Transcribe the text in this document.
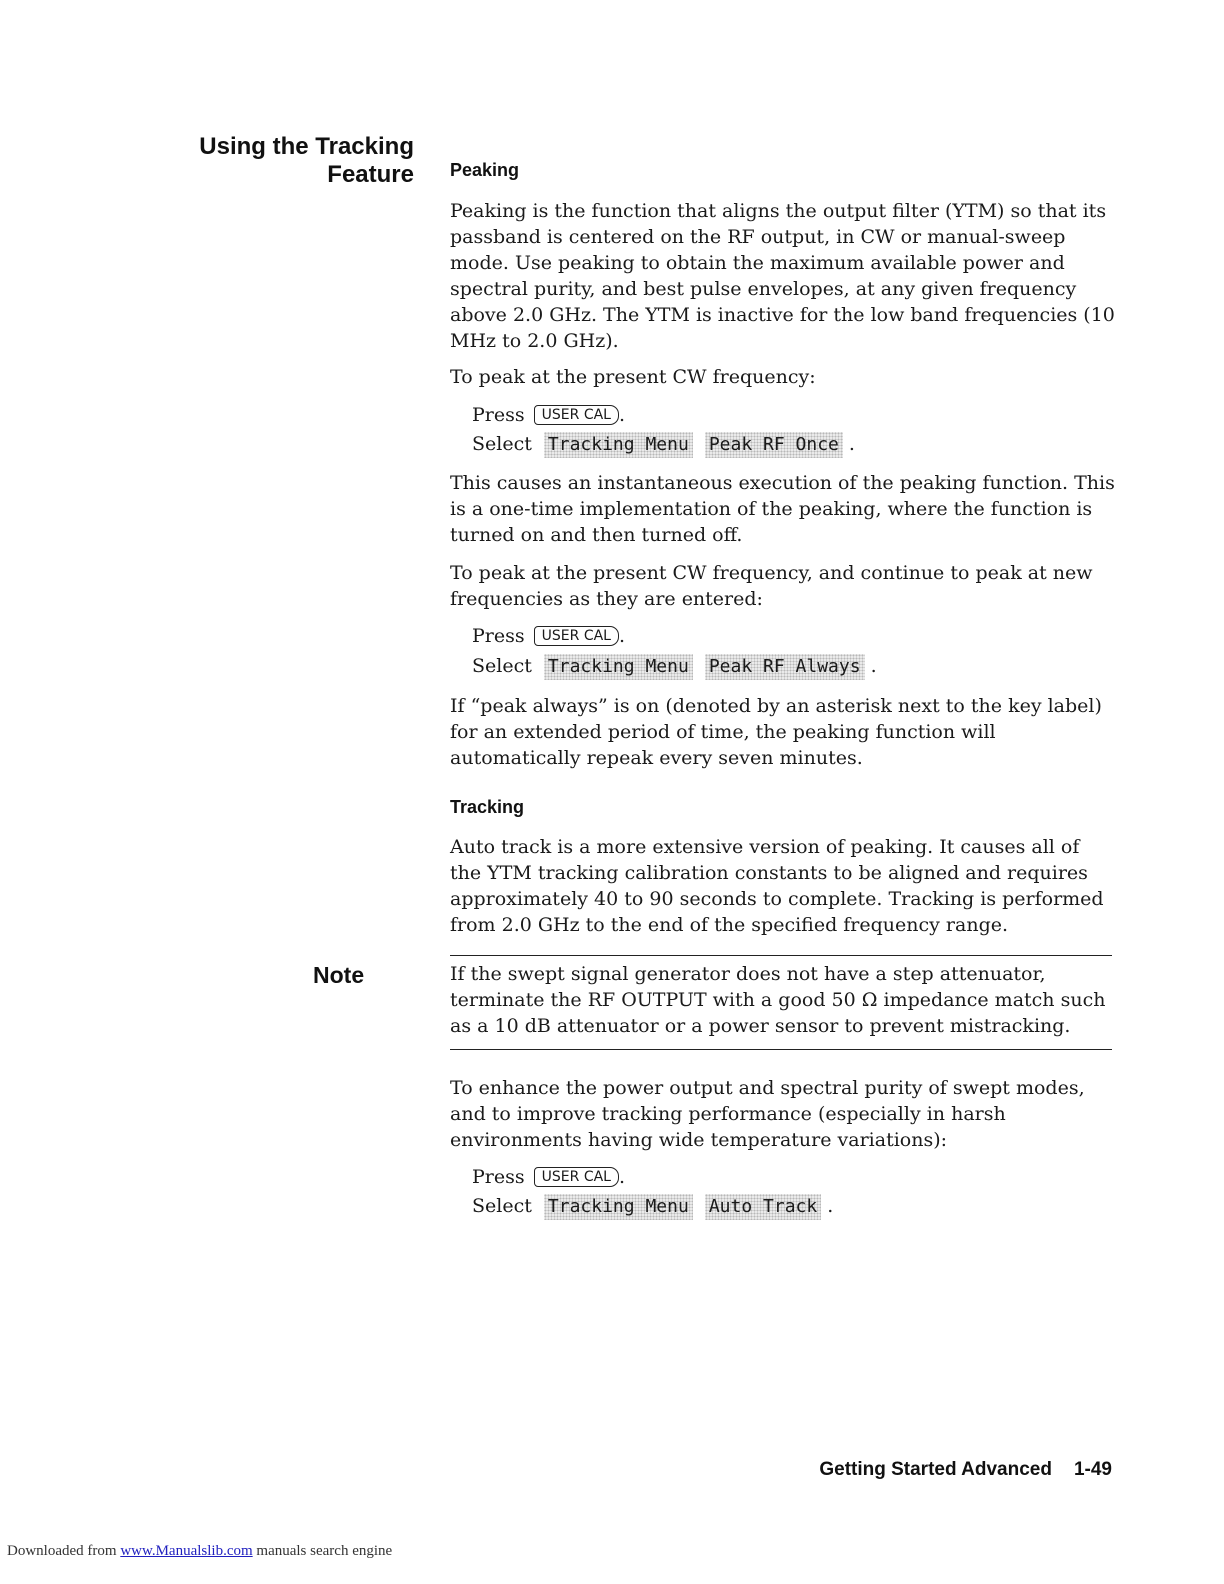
Using the Tracking
Feature Peaking
Peaking is the function that aligns the output filter (YTM) so that its passband is centered on the RF output, in CW or manual-sweep mode. Use peaking to obtain the maximum available power and spectral purity, and best pulse envelopes, at any given frequency above 2.0 GHz. The YTM is inactive for the low band frequencies (10 MHz to 2.0 GHz).
To peak at the present CW frequency:
Press USER CAL .
Select Tracking Menu Peak RF Once .
This causes an instantaneous execution of the peaking function. This is a one-time implementation of the peaking, where the function is turned on and then turned off.
To peak at the present CW frequency, and continue to peak at new frequencies as they are entered:
Press USER CAL .
Select Tracking Menu Peak RF Always .
If “peak always” is on (denoted by an asterisk next to the key label) for an extended period of time, the peaking function will automatically repeak every seven minutes.
Tracking
Auto track is a more extensive version of peaking. It causes all of the YTM tracking calibration constants to be aligned and requires approximately 40 to 90 seconds to complete. Tracking is performed from 2.0 GHz to the end of the specified frequency range.
Note	If the swept signal generator does not have a step attenuator, terminate the RF OUTPUT with a good 50 Ω impedance match such as a 10 dB attenuator or a power sensor to prevent mistracking.
To enhance the power output and spectral purity of swept modes, and to improve tracking performance (especially in harsh environments having wide temperature variations):
Press USER CAL .
Select Tracking Menu Auto Track .
Getting Started Advanced 1-49
Downloaded from www.Manualslib.com manuals search engine
